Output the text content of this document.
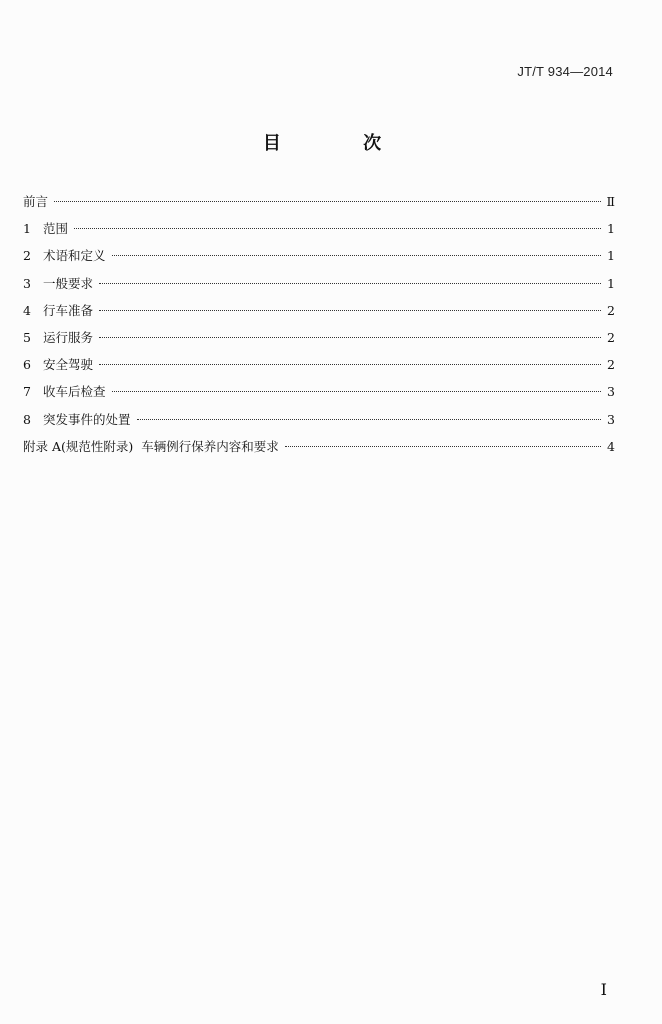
JT/T 934—2014
目 次
前言	Ⅱ
1 范围	1
2 术语和定义	1
3 一般要求	1
4 行车准备	2
5 运行服务	2
6 安全驾驶	2
7 收车后检查	3
8 突发事件的处置	3
附录 A(规范性附录)  车辆例行保养内容和要求	4
I
